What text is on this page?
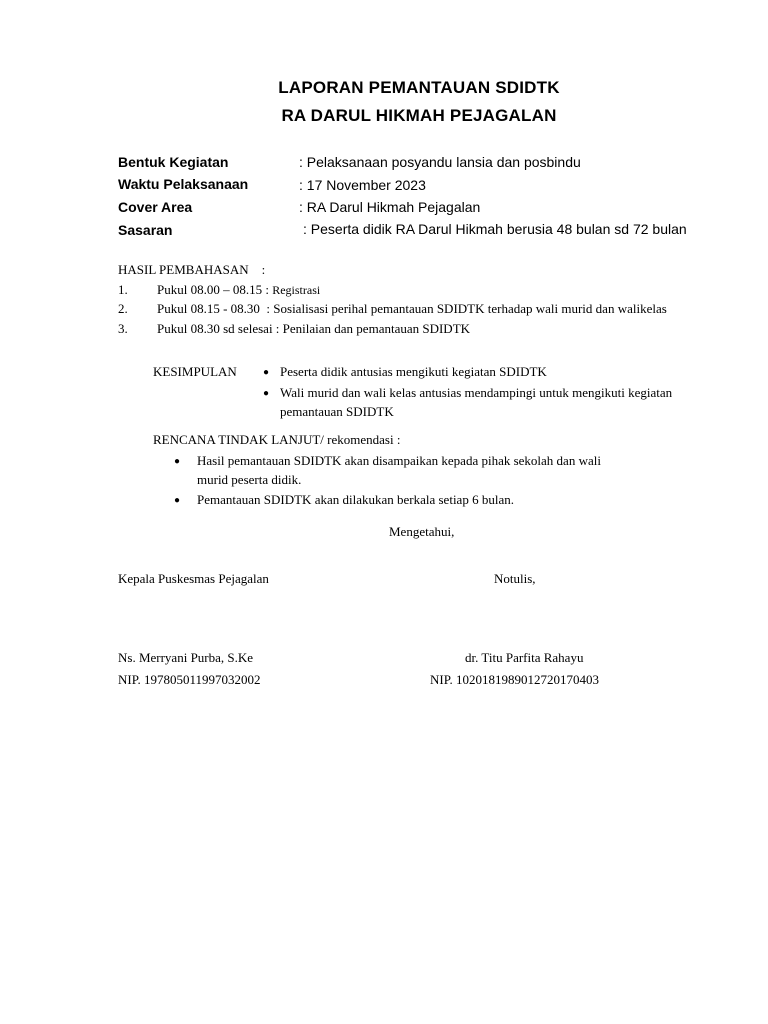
LAPORAN PEMANTAUAN SDIDTK
RA DARUL HIKMAH PEJAGALAN
Bentuk Kegiatan	: Pelaksanaan posyandu lansia dan posbindu
Waktu Pelaksanaan	: 17 November 2023
Cover Area	: RA Darul Hikmah Pejagalan
Sasaran	: Peserta didik RA Darul Hikmah berusia 48 bulan sd 72 bulan
HASIL PEMBAHASAN    :
1. Pukul 08.00 – 08.15 : Registrasi
2. Pukul 08.15 - 08.30  : Sosialisasi perihal pemantauan SDIDTK terhadap wali murid dan walikelas
3. Pukul 08.30 sd selesai : Penilaian dan pemantauan SDIDTK
KESIMPULAN	● Peserta didik antusias mengikuti kegiatan SDIDTK
● Wali murid dan wali kelas antusias mendampingi untuk mengikuti kegiatan
pemantauan SDIDTK
RENCANA TINDAK LANJUT/ rekomendasi :
● Hasil pemantauan SDIDTK akan disampaikan kepada pihak sekolah dan wali
murid peserta didik.
● Pemantauan SDIDTK akan dilakukan berkala setiap 6 bulan.
Mengetahui,
Kepala Puskesmas Pejagalan	Notulis,
Ns. Merryani Purba, S.Ke	dr. Titu Parfita Rahayu
NIP. 197805011997032002	NIP. 10201819890127201704​03
